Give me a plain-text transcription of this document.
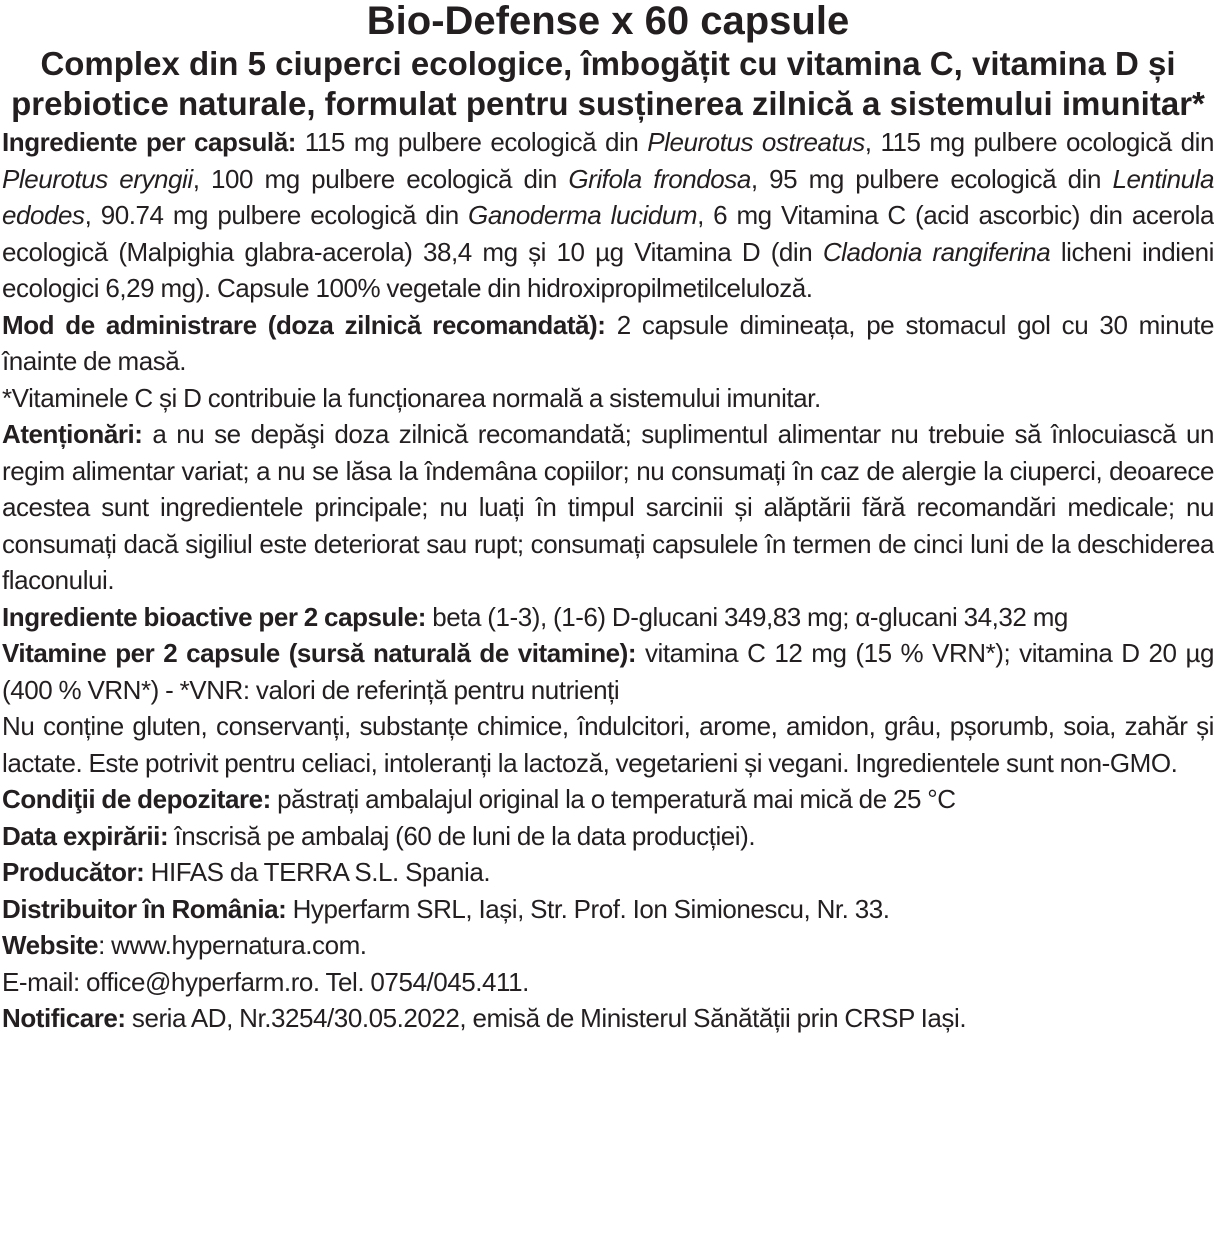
Bio-Defense x 60 capsule
Complex din 5 ciuperci ecologice, îmbogățit cu vitamina C, vitamina D și prebiotice naturale, formulat pentru susținerea zilnică a sistemului imunitar*

Ingrediente per capsulă: 115 mg pulbere ecologică din Pleurotus ostreatus, 115 mg pulbere ocologică din Pleurotus eryngii, 100 mg pulbere ecologică din Grifola frondosa, 95 mg pulbere ecologică din Lentinula edodes, 90.74 mg pulbere ecologică din Ganoderma lucidum, 6 mg Vitamina C (acid ascorbic) din acerola ecologică (Malpighia glabra-acerola) 38,4 mg și 10 µg Vitamina D (din Cladonia rangiferina licheni indieni ecologici 6,29 mg). Capsule 100% vegetale din hidroxipropilmetilceluloză.

Mod de administrare (doza zilnică recomandată): 2 capsule dimineața, pe stomacul gol cu 30 minute înainte de masă.

*Vitaminele C și D contribuie la funcționarea normală a sistemului imunitar.

Atenționări: a nu se depăşi doza zilnică recomandată; suplimentul alimentar nu trebuie să înlocuiască un regim alimentar variat; a nu se lăsa la îndemâna copiilor; nu consumați în caz de alergie la ciuperci, deoarece acestea sunt ingredientele principale; nu luați în timpul sarcinii și alăptării fără recomandări medicale; nu consumați dacă sigiliul este deteriorat sau rupt; consumați capsulele în termen de cinci luni de la deschiderea flaconului.

Ingrediente bioactive per 2 capsule: beta (1-3), (1-6) D-glucani 349,83 mg; α-glucani 34,32 mg

Vitamine per 2 capsule (sursă naturală de vitamine): vitamina C 12 mg (15 % VRN*); vitamina D 20 µg (400 % VRN*) - *VNR: valori de referință pentru nutrienți

Nu conține gluten, conservanți, substanțe chimice, îndulcitori, arome, amidon, grâu, pșorumb, soia, zahăr și lactate. Este potrivit pentru celiaci, intoleranți la lactoză, vegetarieni și vegani. Ingredientele sunt non-GMO.

Condiţii de depozitare: păstrați ambalajul original la o temperatură mai mică de 25 °C

Data expirării: înscrisă pe ambalaj (60 de luni de la data producției).

Producător: HIFAS da TERRA S.L. Spania.

Distribuitor în România: Hyperfarm SRL, Iași, Str. Prof. Ion Simionescu, Nr. 33.

Website: www.hypernatura.com.

E-mail: office@hyperfarm.ro. Tel. 0754/045.411.

Notificare: seria AD, Nr.3254/30.05.2022, emisă de Ministerul Sănătății prin CRSP Iași.
